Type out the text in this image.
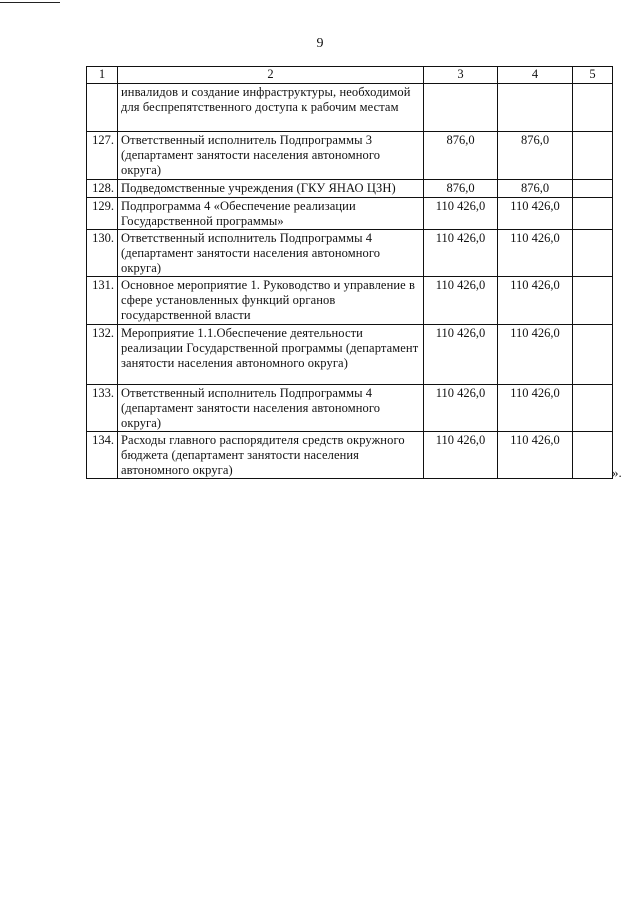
9
1	2	3	4	5
	инвалидов и создание инфраструктуры, необходимой для беспрепятственного доступа к рабочим местам			
127.	Ответственный исполнитель Подпрограммы 3 (департамент занятости населения автономного округа)	876,0	876,0	
128.	Подведомственные учреждения (ГКУ ЯНАО ЦЗН)	876,0	876,0	
129.	Подпрограмма 4 «Обеспечение реализации Государственной программы»	110 426,0	110 426,0	
130.	Ответственный исполнитель Подпрограммы 4 (департамент занятости населения автономного округа)	110 426,0	110 426,0	
131.	Основное мероприятие 1. Руководство и управление в сфере установленных функций органов государственной власти	110 426,0	110 426,0	
132.	Мероприятие 1.1.Обеспечение деятельности реализации Государственной программы (департамент занятости населения автономного округа)	110 426,0	110 426,0	
133.	Ответственный исполнитель Подпрограммы 4 (департамент занятости населения автономного округа)	110 426,0	110 426,0	
134.	Расходы главного распорядителя средств окружного бюджета (департамент занятости населения автономного округа)	110 426,0	110 426,0	
».
